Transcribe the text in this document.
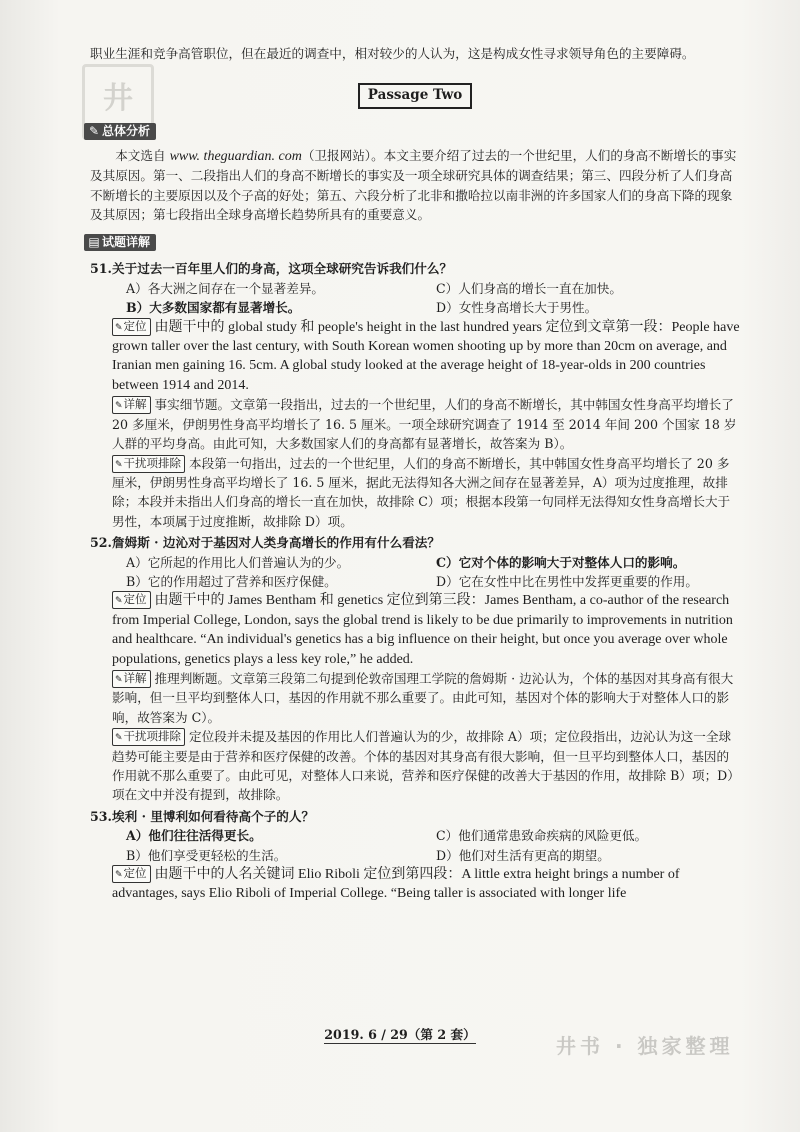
井

职业生涯和竞争高管职位，但在最近的调查中，相对较少的人认为，这是构成女性寻求领导角色的主要障碍。

Passage Two
✎ 总体分析

本文选自 www. theguardian. com（卫报网站）。本文主要介绍了过去的一个世纪里，人们的身高不断增长的事实及其原因。第一、二段指出人们的身高不断增长的事实及一项全球研究具体的调查结果；第三、四段分析了人们身高不断增长的主要原因以及个子高的好处；第五、六段分析了北非和撒哈拉以南非洲的许多国家人们的身高下降的现象及其原因；第七段指出全球身高增长趋势所具有的重要意义。

▤ 试题详解

51.关于过去一百年里人们的身高，这项全球研究告诉我们什么？

A）各大洲之间存在一个显著差异。	C）人们身高的增长一直在加快。
B）大多数国家都有显著增长。	D）女性身高增长大于男性。

✎定位 由题干中的 global study 和 people's height in the last hundred years 定位到文章第一段：People have grown taller over the last century, with South Korean women shooting up by more than 20cm on average, and Iranian men gaining 16. 5cm. A global study looked at the average height of 18-year-olds in 200 countries between 1914 and 2014.

✎详解 事实细节题。文章第一段指出，过去的一个世纪里，人们的身高不断增长，其中韩国女性身高平均增长了 20 多厘米，伊朗男性身高平均增长了 16. 5 厘米。一项全球研究调查了 1914 至 2014 年间 200 个国家 18 岁人群的平均身高。由此可知，大多数国家人们的身高都有显著增长，故答案为 B）。

✎干扰项排除 本段第一句指出，过去的一个世纪里，人们的身高不断增长，其中韩国女性身高平均增长了 20 多厘米，伊朗男性身高平均增长了 16. 5 厘米，据此无法得知各大洲之间存在显著差异，A）项为过度推理，故排除；本段并未指出人们身高的增长一直在加快，故排除 C）项；根据本段第一句同样无法得知女性身高增长大于男性，本项属于过度推断，故排除 D）项。

52.詹姆斯 · 边沁对于基因对人类身高增长的作用有什么看法？

A）它所起的作用比人们普遍认为的少。	C）它对个体的影响大于对整体人口的影响。
B）它的作用超过了营养和医疗保健。	D）它在女性中比在男性中发挥更重要的作用。

✎定位 由题干中的 James Bentham 和 genetics 定位到第三段：James Bentham, a co-author of the research from Imperial College, London, says the global trend is likely to be due primarily to improvements in nutrition and healthcare. “An individual's genetics has a big influence on their height, but once you average over whole populations, genetics plays a less key role,” he added.

✎详解 推理判断题。文章第三段第二句提到伦敦帝国理工学院的詹姆斯 · 边沁认为，个体的基因对其身高有很大影响，但一旦平均到整体人口，基因的作用就不那么重要了。由此可知，基因对个体的影响大于对整体人口的影响，故答案为 C）。

✎干扰项排除 定位段并未提及基因的作用比人们普遍认为的少，故排除 A）项；定位段指出，边沁认为这一全球趋势可能主要是由于营养和医疗保健的改善。个体的基因对其身高有很大影响，但一旦平均到整体人口，基因的作用就不那么重要了。由此可见，对整体人口来说，营养和医疗保健的改善大于基因的作用，故排除 B）项；D）项在文中并没有提到，故排除。

53.埃利 · 里博利如何看待高个子的人？

A）他们往往活得更长。	C）他们通常患致命疾病的风险更低。
B）他们享受更轻松的生活。	D）他们对生活有更高的期望。

✎定位 由题干中的人名关键词 Elio Riboli 定位到第四段：A little extra height brings a number of advantages, says Elio Riboli of Imperial College. “Being taller is associated with longer life

2019. 6 / 29（第 2 套）	井书 · 独家整理
